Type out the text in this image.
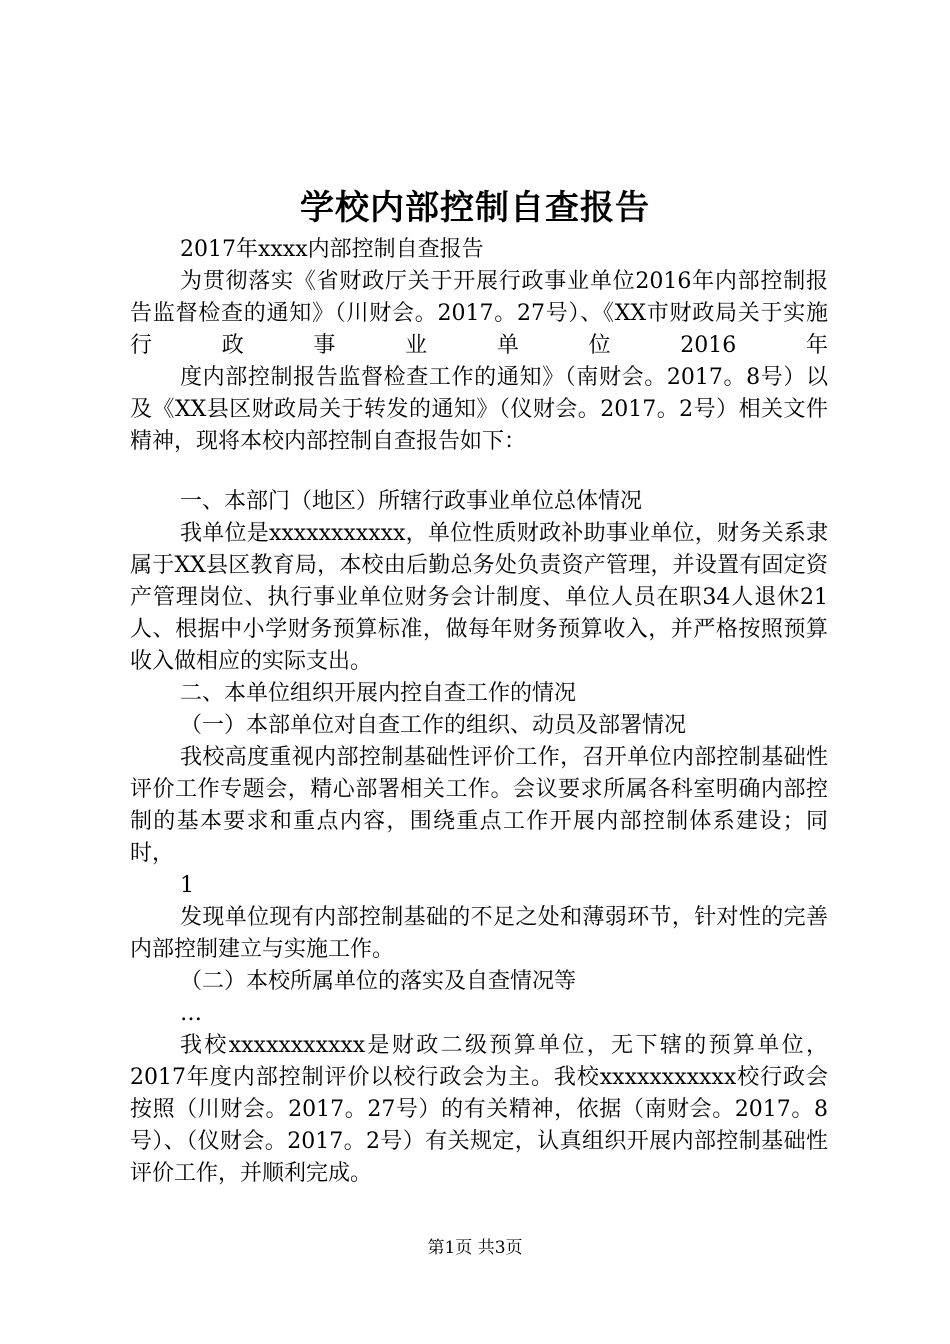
学校内部控制自查报告

2017年xxxx内部控制自查报告

为贯彻落实《省财政厅关于开展行政事业单位2016年内部控制报告监督检查的通知》（川财会。2017。27号）、《XX市财政局关于实施行政事业单位2016年

度内部控制报告监督检查工作的通知》（南财会。2017。8号）以及《XX县区财政局关于转发的通知》（仪财会。2017。2号）相关文件精神，现将本校内部控制自查报告如下：

一、本部门（地区）所辖行政事业单位总体情况

我单位是xxxxxxxxxxx，单位性质财政补助事业单位，财务关系隶属于XX县区教育局，本校由后勤总务处负责资产管理，并设置有固定资产管理岗位、执行事业单位财务会计制度、单位人员在职34人退休21人、根据中小学财务预算标准，做每年财务预算收入，并严格按照预算收入做相应的实际支出。

二、本单位组织开展内控自查工作的情况

（一）本部单位对自查工作的组织、动员及部署情况

我校高度重视内部控制基础性评价工作，召开单位内部控制基础性评价工作专题会，精心部署相关工作。会议要求所属各科室明确内部控制的基本要求和重点内容，围绕重点工作开展内部控制体系建设；同时，

1

发现单位现有内部控制基础的不足之处和薄弱环节，针对性的完善内部控制建立与实施工作。

（二）本校所属单位的落实及自查情况等

…

我校xxxxxxxxxxx是财政二级预算单位，无下辖的预算单位，2017年度内部控制评价以校行政会为主。我校xxxxxxxxxxx校行政会按照（川财会。2017。27号）的有关精神，依据（南财会。2017。8号）、（仪财会。2017。2号）有关规定，认真组织开展内部控制基础性评价工作，并顺利完成。

第1页 共3页
